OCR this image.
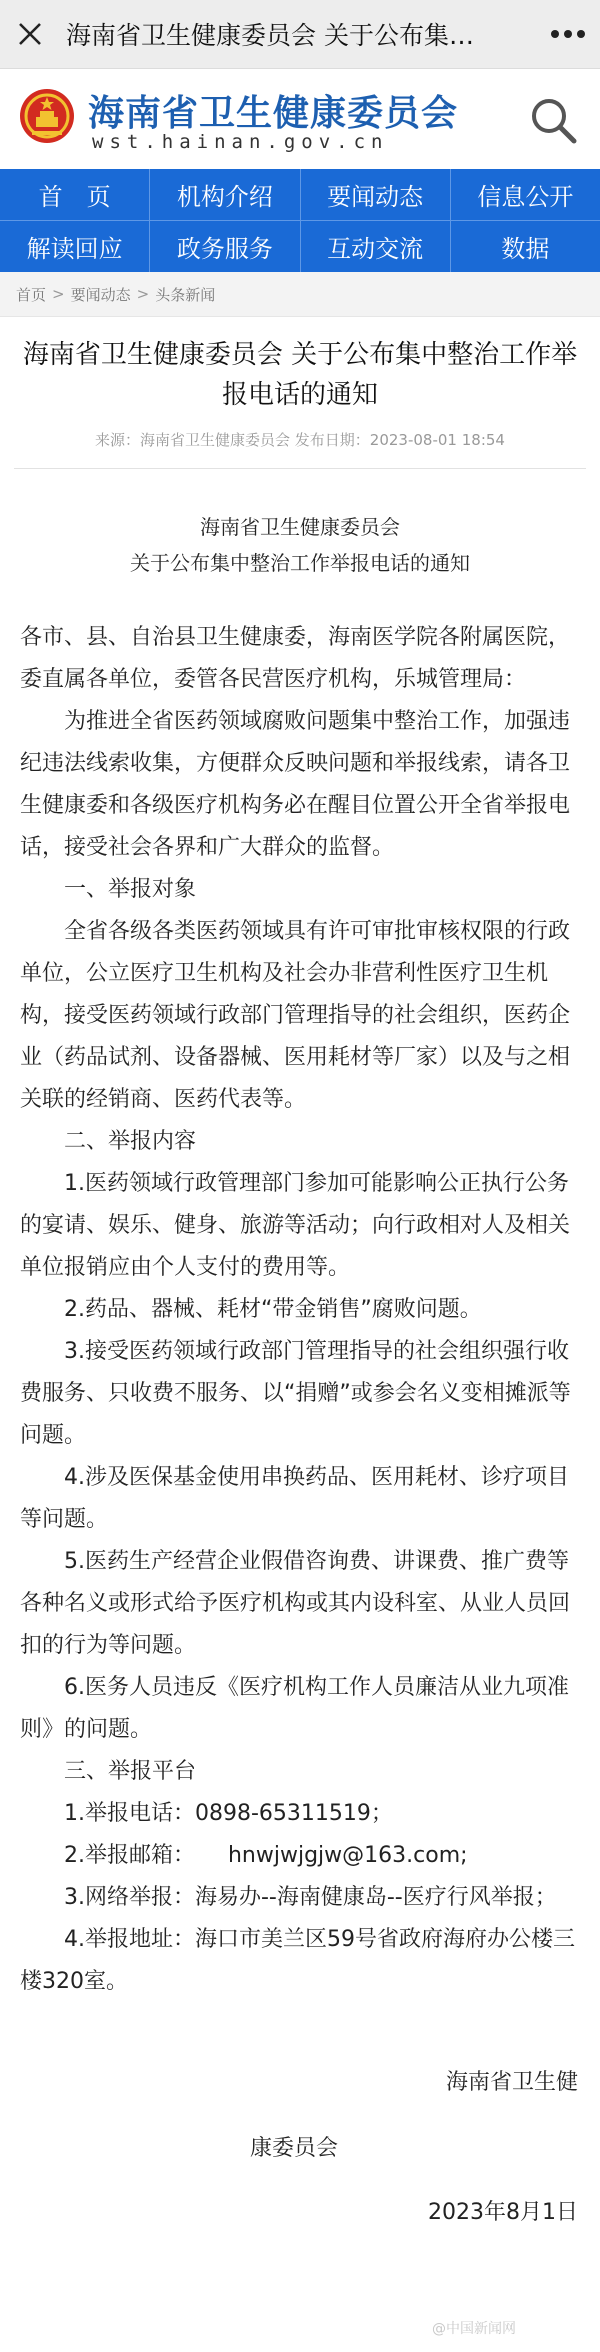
海南省卫生健康委员会 关于公布集…
海南省卫生健康委员会
wst.hainan.gov.cn
首　页	机构介绍	要闻动态	信息公开
解读回应	政务服务	互动交流	数据
首页 > 要闻动态 > 头条新闻
海南省卫生健康委员会 关于公布集中整治工作举报电话的通知
来源：海南省卫生健康委员会 发布日期：2023-08-01 18:54
海南省卫生健康委员会
关于公布集中整治工作举报电话的通知

各市、县、自治县卫生健康委，海南医学院各附属医院，委直属各单位，委管各民营医疗机构，乐城管理局：

为推进全省医药领域腐败问题集中整治工作，加强违纪违法线索收集，方便群众反映问题和举报线索，请各卫生健康委和各级医疗机构务必在醒目位置公开全省举报电话，接受社会各界和广大群众的监督。

一、举报对象

全省各级各类医药领域具有许可审批审核权限的行政单位，公立医疗卫生机构及社会办非营利性医疗卫生机构，接受医药领域行政部门管理指导的社会组织，医药企业（药品试剂、设备器械、医用耗材等厂家）以及与之相关联的经销商、医药代表等。

二、举报内容

1.医药领域行政管理部门参加可能影响公正执行公务的宴请、娱乐、健身、旅游等活动；向行政相对人及相关单位报销应由个人支付的费用等。

2.药品、器械、耗材“带金销售”腐败问题。

3.接受医药领域行政部门管理指导的社会组织强行收费服务、只收费不服务、以“捐赠”或参会名义变相摊派等问题。

4.涉及医保基金使用串换药品、医用耗材、诊疗项目等问题。

5.医药生产经营企业假借咨询费、讲课费、推广费等各种名义或形式给予医疗机构或其内设科室、从业人员回扣的行为等问题。

6.医务人员违反《医疗机构工作人员廉洁从业九项准则》的问题。

三、举报平台

1.举报电话：0898-65311519；

2.举报邮箱：　　hnwjwjgjw@163.com;

3.网络举报：海易办--海南健康岛--医疗行风举报；

4.举报地址：海口市美兰区59号省政府海府办公楼三楼320室。

海南省卫生健
康委员会
2023年8月1日
@中国新闻网
